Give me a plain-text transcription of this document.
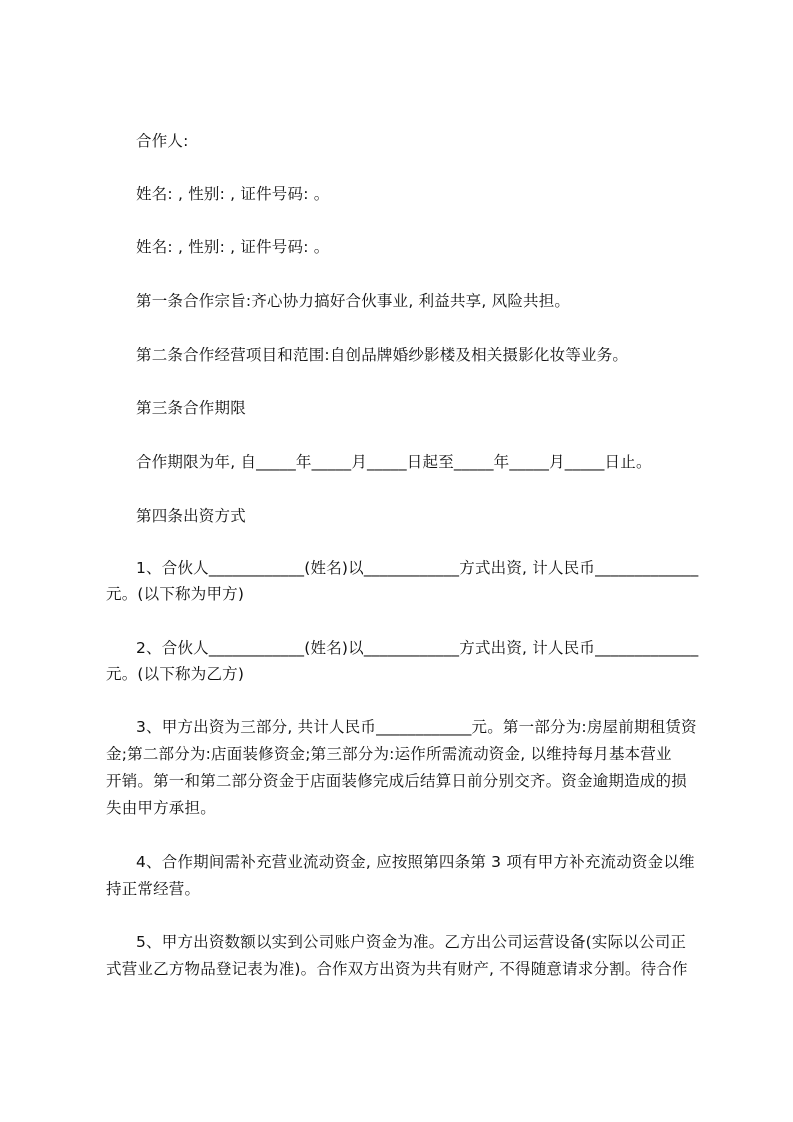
合作人:
姓名: , 性别: , 证件号码: 。
姓名: , 性别: , 证件号码: 。
第一条合作宗旨:齐心协力搞好合伙事业, 利益共享, 风险共担。
第二条合作经营项目和范围:自创品牌婚纱影楼及相关摄影化妆等业务。
第三条合作期限
合作期限为年, 自_____年_____月_____日起至_____年_____月_____日止。
第四条出资方式
1、合伙人____________(姓名)以____________方式出资, 计人民币_____________
元。(以下称为甲方)
2、合伙人____________(姓名)以____________方式出资, 计人民币_____________
元。(以下称为乙方)
3、甲方出资为三部分, 共计人民币____________元。第一部分为:房屋前期租赁资
金;第二部分为:店面装修资金;第三部分为:运作所需流动资金, 以维持每月基本营业
开销。第一和第二部分资金于店面装修完成后结算日前分别交齐。资金逾期造成的损
失由甲方承担。
4、合作期间需补充营业流动资金, 应按照第四条第 3 项有甲方补充流动资金以维
持正常经营。
5、甲方出资数额以实到公司账户资金为准。乙方出公司运营设备(实际以公司正
式营业乙方物品登记表为准)。合作双方出资为共有财产, 不得随意请求分割。待合作
